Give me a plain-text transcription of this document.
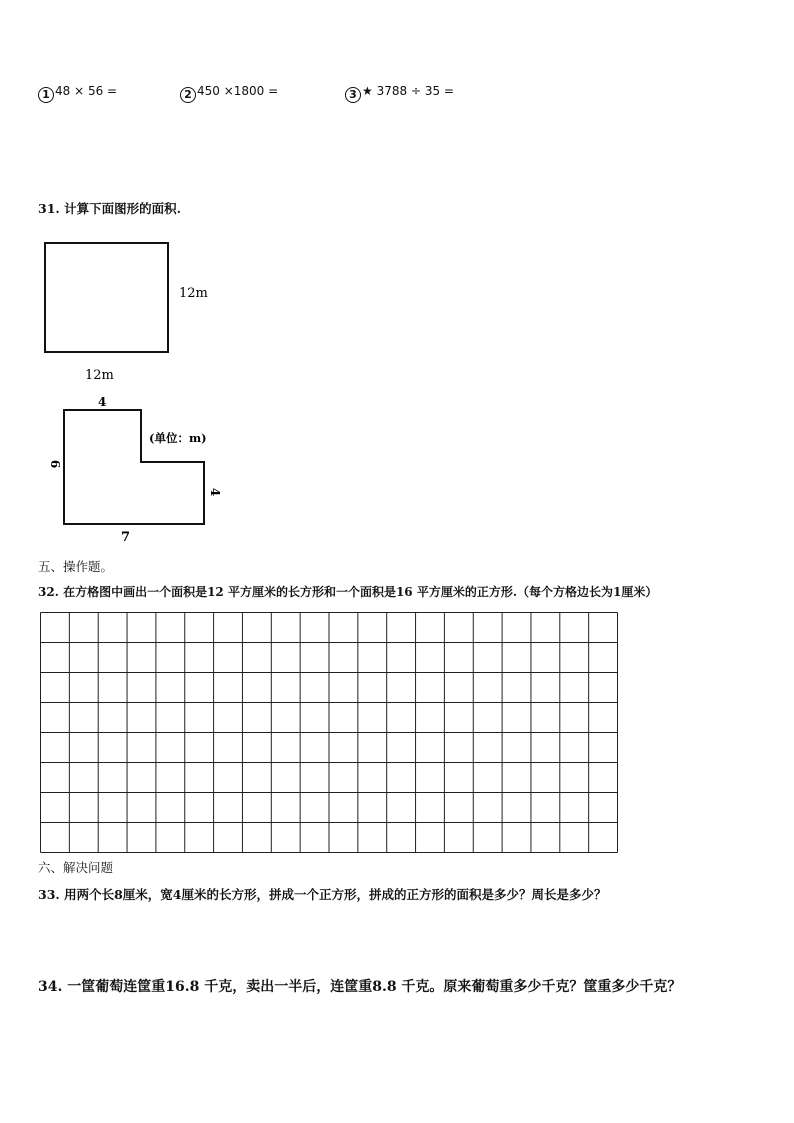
1 48 × 56 =	2 450 ×1800 =	3 ★ 3788 ÷ 35 =
31. 计算下面图形的面积.
12m
12m
4
6
4
7
(单位：m)
五、操作题。
32. 在方格图中画出一个面积是12 平方厘米的长方形和一个面积是16 平方厘米的正方形.（每个方格边长为1厘米）
六、解决问题
33. 用两个长8厘米，宽4厘米的长方形，拼成一个正方形，拼成的正方形的面积是多少？周长是多少？
34. 一筐葡萄连筐重16.8 千克，卖出一半后，连筐重8.8 千克。原来葡萄重多少千克？筐重多少千克？
